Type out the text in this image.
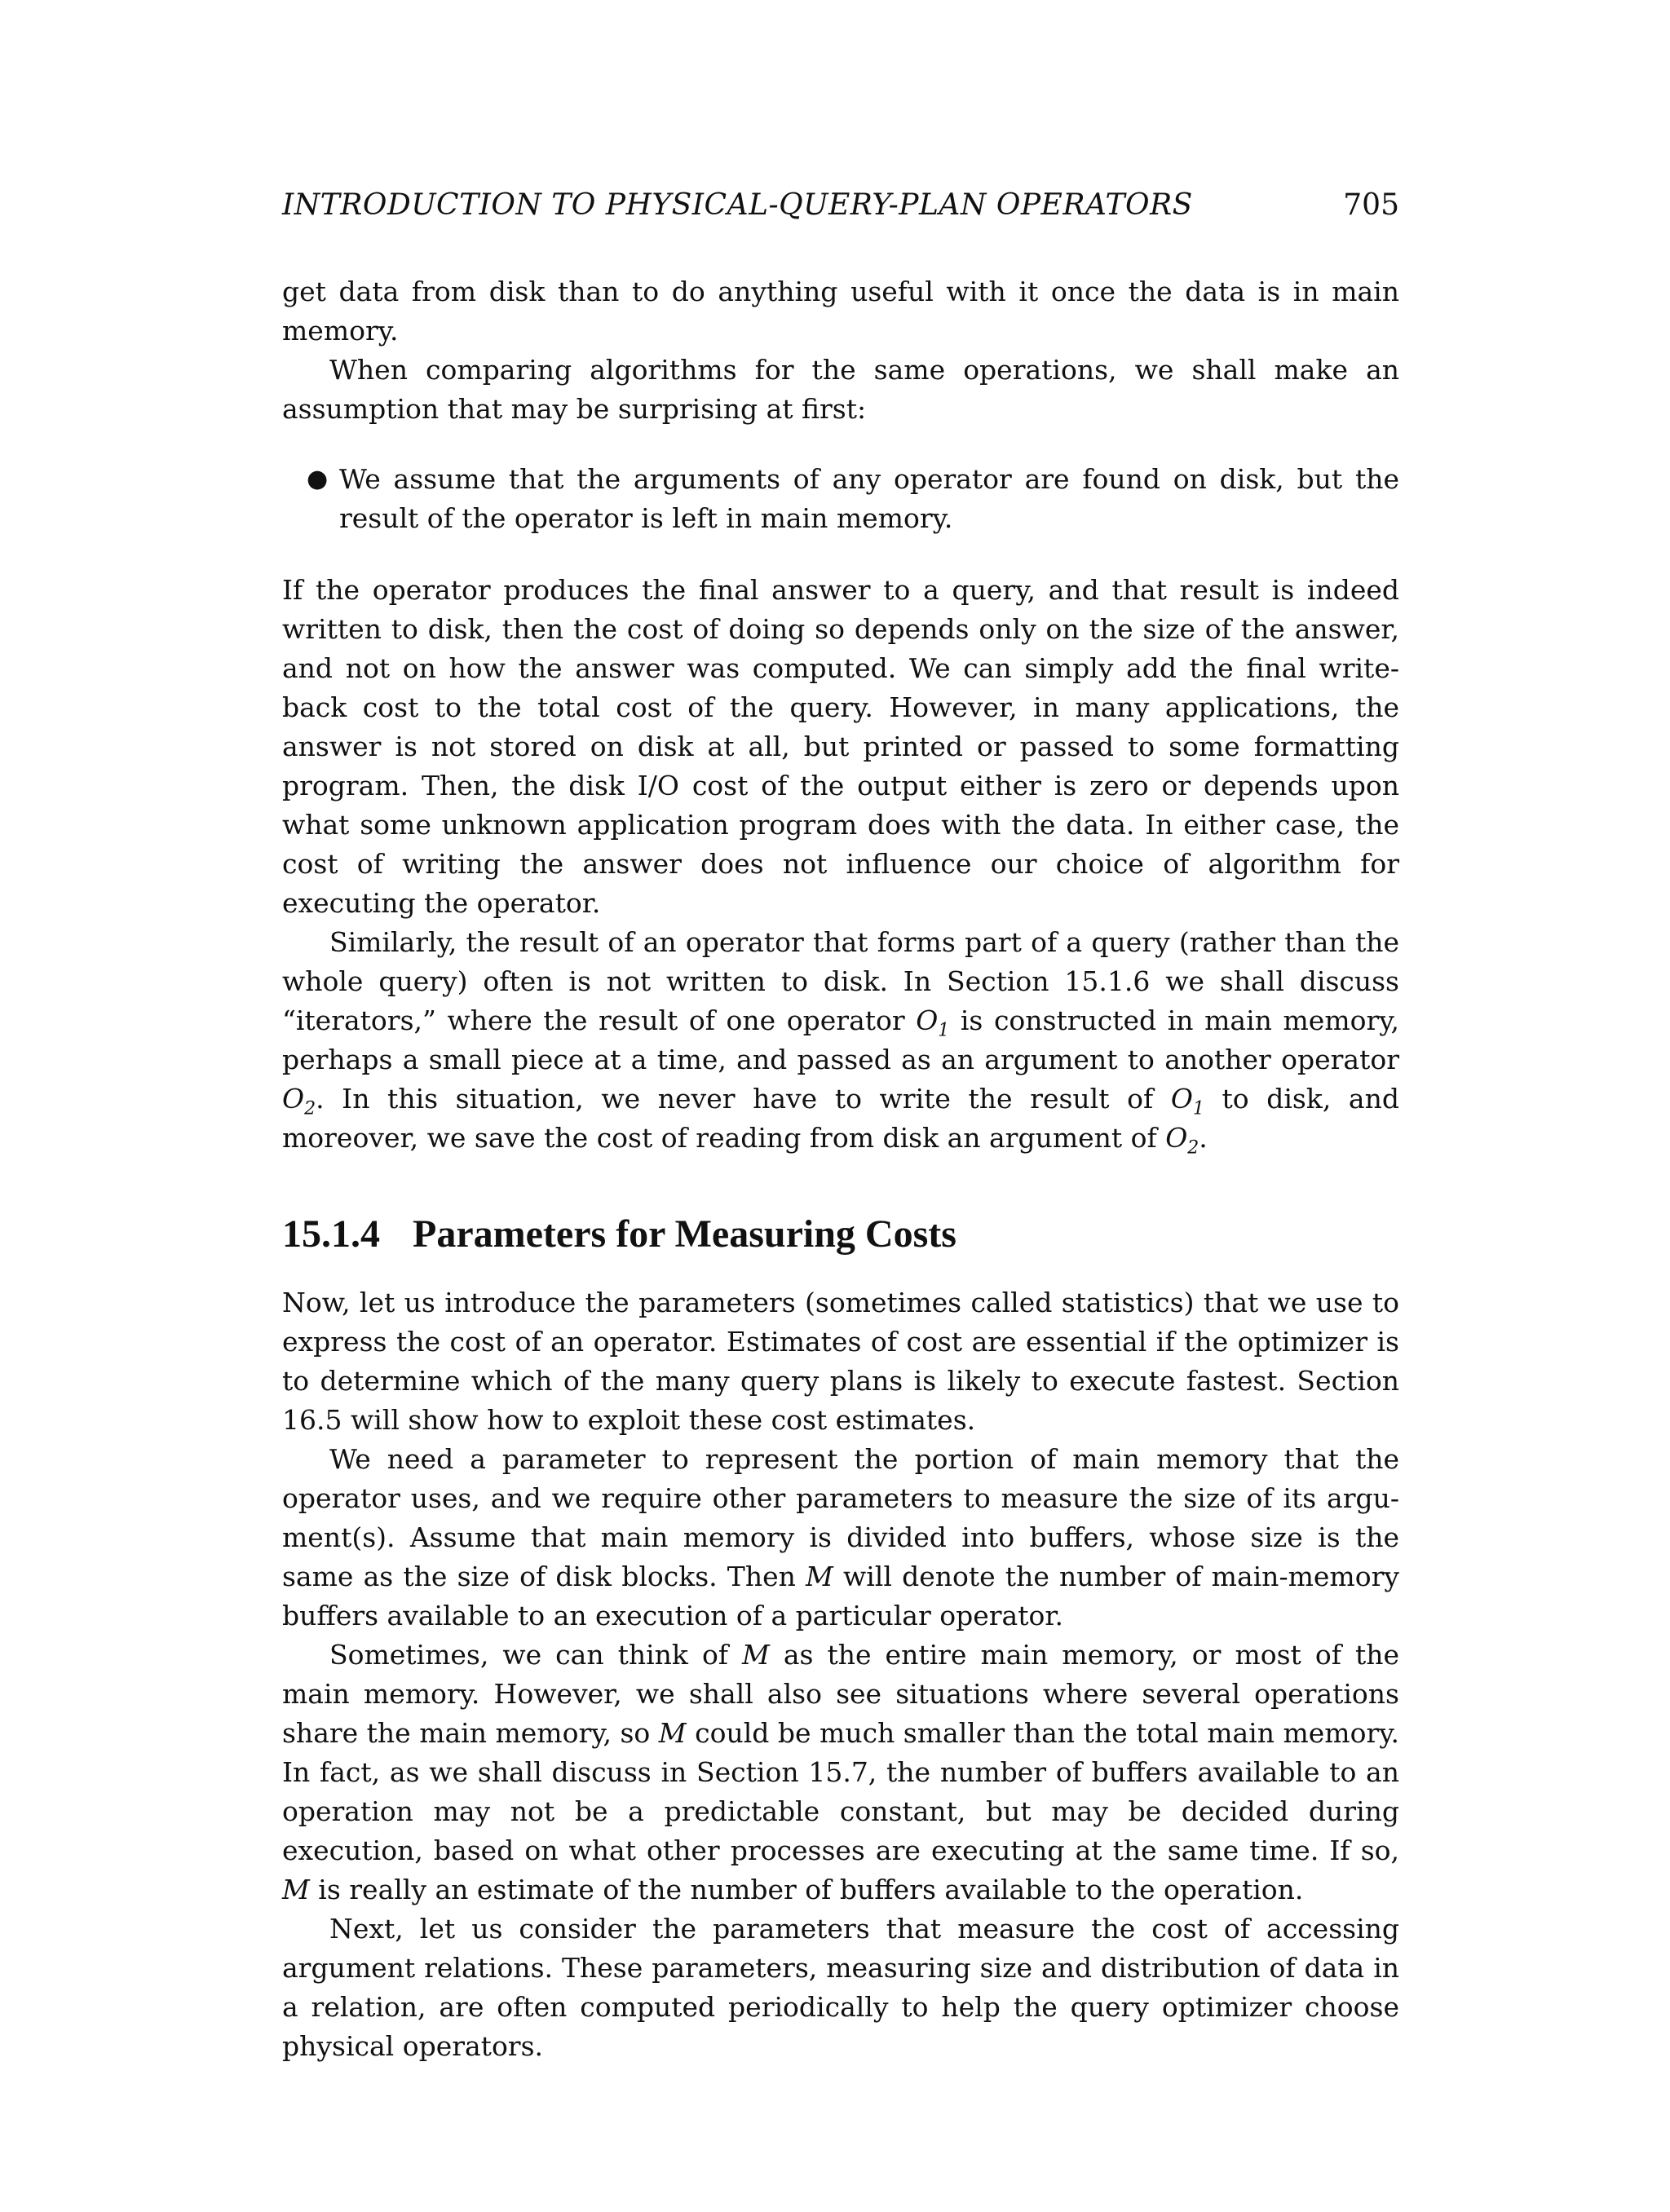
INTRODUCTION TO PHYSICAL-QUERY-PLAN OPERATORS	705

get data from disk than to do anything useful with it once the data is in main memory.

When comparing algorithms for the same operations, we shall make an assumption that may be surprising at first:

● We assume that the arguments of any operator are found on disk, but the result of the operator is left in main memory.

If the operator produces the final answer to a query, and that result is indeed written to disk, then the cost of doing so depends only on the size of the answer, and not on how the answer was computed. We can simply add the final write-back cost to the total cost of the query. However, in many applications, the answer is not stored on disk at all, but printed or passed to some formatting program. Then, the disk I/O cost of the output either is zero or depends upon what some unknown application program does with the data. In either case, the cost of writing the answer does not influence our choice of algorithm for executing the operator.

Similarly, the result of an operator that forms part of a query (rather than the whole query) often is not written to disk. In Section 15.1.6 we shall discuss “iterators,” where the result of one operator $O_1$ is constructed in main memory, perhaps a small piece at a time, and passed as an argument to another operator $O_2$. In this situation, we never have to write the result of $O_1$ to disk, and moreover, we save the cost of reading from disk an argument of $O_2$.

15.1.4 Parameters for Measuring Costs

Now, let us introduce the parameters (sometimes called statistics) that we use to express the cost of an operator. Estimates of cost are essential if the optimizer is to determine which of the many query plans is likely to execute fastest. Section 16.5 will show how to exploit these cost estimates.

We need a parameter to represent the portion of main memory that the operator uses, and we require other parameters to measure the size of its argument(s). Assume that main memory is divided into buffers, whose size is the same as the size of disk blocks. Then M will denote the number of main-memory buffers available to an execution of a particular operator.

Sometimes, we can think of M as the entire main memory, or most of the main memory. However, we shall also see situations where several operations share the main memory, so M could be much smaller than the total main memory. In fact, as we shall discuss in Section 15.7, the number of buffers available to an operation may not be a predictable constant, but may be decided during execution, based on what other processes are executing at the same time. If so, M is really an estimate of the number of buffers available to the operation.

Next, let us consider the parameters that measure the cost of accessing argument relations. These parameters, measuring size and distribution of data in a relation, are often computed periodically to help the query optimizer choose physical operators.
